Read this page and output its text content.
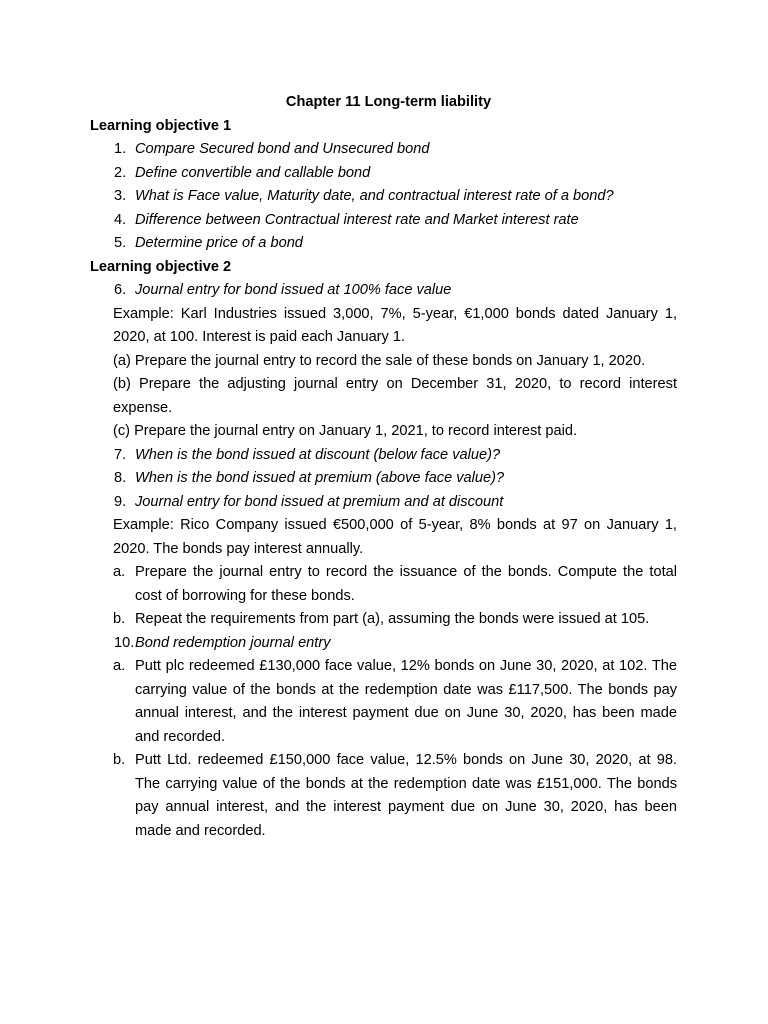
Chapter 11 Long-term liability

Learning objective 1

1. Compare Secured bond and Unsecured bond
2. Define convertible and callable bond
3. What is Face value, Maturity date, and contractual interest rate of a bond?
4. Difference between Contractual interest rate and Market interest rate
5. Determine price of a bond

Learning objective 2

6. Journal entry for bond issued at 100% face value

Example: Karl Industries issued 3,000, 7%, 5-year, €1,000 bonds dated January 1, 2020, at 100. Interest is paid each January 1.

(a) Prepare the journal entry to record the sale of these bonds on January 1, 2020.

(b) Prepare the adjusting journal entry on December 31, 2020, to record interest expense.

(c) Prepare the journal entry on January 1, 2021, to record interest paid.

7. When is the bond issued at discount (below face value)?
8. When is the bond issued at premium (above face value)?
9. Journal entry for bond issued at premium and at discount

Example: Rico Company issued €500,000 of 5-year, 8% bonds at 97 on January 1, 2020. The bonds pay interest annually.

a. Prepare the journal entry to record the issuance of the bonds. Compute the total cost of borrowing for these bonds.
b. Repeat the requirements from part (a), assuming the bonds were issued at 105.
10. Bond redemption journal entry
a. Putt plc redeemed £130,000 face value, 12% bonds on June 30, 2020, at 102. The carrying value of the bonds at the redemption date was £117,500. The bonds pay annual interest, and the interest payment due on June 30, 2020, has been made and recorded.
b. Putt Ltd. redeemed £150,000 face value, 12.5% bonds on June 30, 2020, at 98. The carrying value of the bonds at the redemption date was £151,000. The bonds pay annual interest, and the interest payment due on June 30, 2020, has been made and recorded.
